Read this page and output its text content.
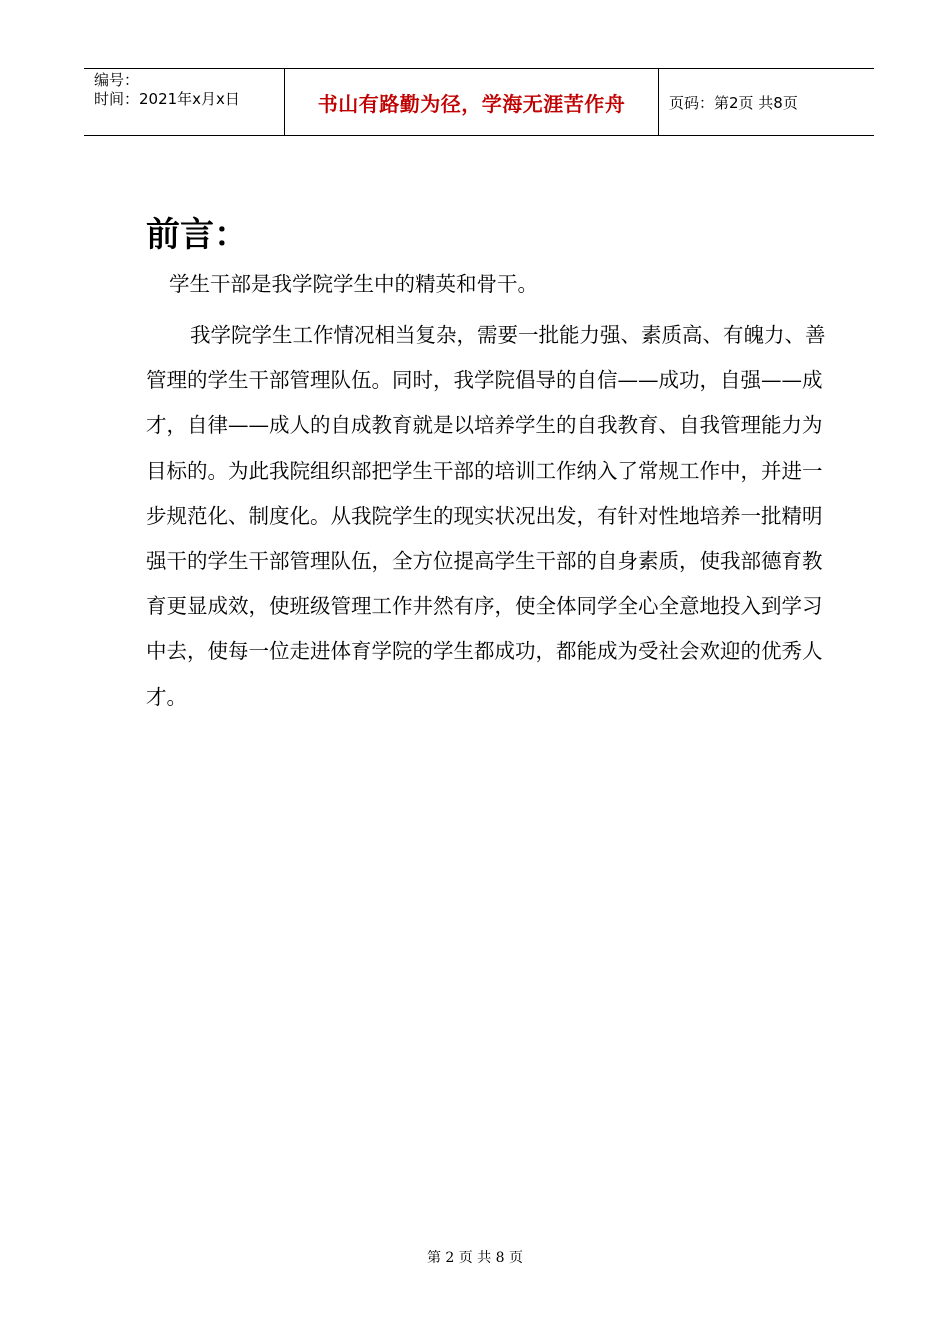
编号：
时间：2021年x月x日	书山有路勤为径，学海无涯苦作舟	页码：第2页 共8页
前言：

学生干部是我学院学生中的精英和骨干。

我学院学生工作情况相当复杂，需要一批能力强、素质高、有魄力、善管理的学生干部管理队伍。同时，我学院倡导的自信——成功，自强——成才，自律——成人的自成教育就是以培养学生的自我教育、自我管理能力为目标的。为此我院组织部把学生干部的培训工作纳入了常规工作中，并进一步规范化、制度化。从我院学生的现实状况出发，有针对性地培养一批精明强干的学生干部管理队伍，全方位提高学生干部的自身素质，使我部德育教育更显成效，使班级管理工作井然有序，使全体同学全心全意地投入到学习中去，使每一位走进体育学院的学生都成功，都能成为受社会欢迎的优秀人才。

第 2 页 共 8 页
